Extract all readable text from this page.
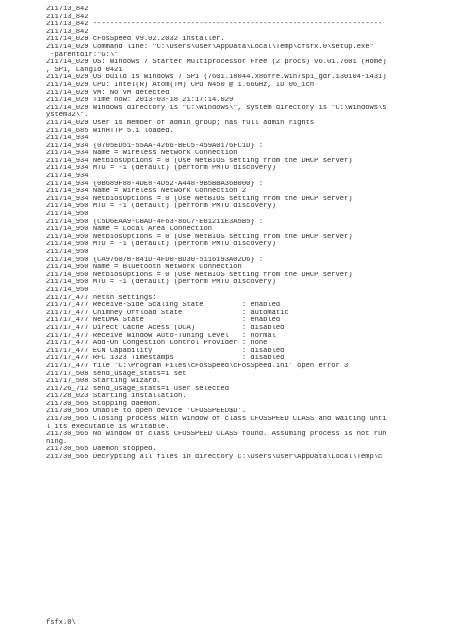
211713_842
211713_842
211713_842 --------------------------------------------------------------------
211713_842
211714_029 cFosSpeed v9.02.2032 installer.
211714_029 Command line: "C:\Users\user\AppData\Local\Temp\cfsfx.0\setup.exe"
-parentdir:"G:\"
211714_029 OS: Windows 7 Starter Multiprocessor Free (2 procs) v6.01.7601 (Home)
, SP1, LangId 0421
211714_029 OS build is Windows 7 SP1 (7601.18044.x86fre.win7sp1_gdr.130104-1431)
211714_029 CPU: Intel(R) Atom(TM) CPU N450 @ 1.66GHz, ID 06_1ch
211714_029 VM: No VM detected
211714_029 Time now: 2013-03-18 21:17:14.029
211714_029 Windows directory is "C:\Windows\", system directory is "C:\Windows\s
ystem32\".
211714_029 User is member of admin group; has full admin rights
211714_685 WinHTTP 5.1 loaded.
211714_934
211714_934 {0705ED51-55AA-4266-BEC5-459A0176FC1D} :
211714_934 Name = Wireless Network Connection
211714_934 NetbiosOptions = 0 (Use NetBIOS setting from the DHCP server)
211714_934 MTU = -1 (default) (perform PMTU discovery)
211714_934
211714_934 {0B689F88-4DE8-4D52-A448-9B5BBA36B000} :
211714_934 Name = Wireless Network Connection 2
211714_934 NetbiosOptions = 0 (Use NetBIOS setting from the DHCP server)
211714_950 MTU = -1 (default) (perform PMTU discovery)
211714_950
211714_950 {C5D6EAA9-CBAD-4F63-86C7-E81211E3A5B5} :
211714_950 Name = Local Area Connection
211714_950 NetbiosOptions = 0 (Use NetBIOS setting from the DHCP server)
211714_950 MTU = -1 (default) (perform PMTU discovery)
211714_950
211714_950 {CA97607B-841D-4FD0-BD30-5116193A02D6} :
211714_950 Name = Bluetooth Network Connection
211714_950 NetbiosOptions = 0 (Use NetBIOS setting from the DHCP server)
211714_950 MTU = -1 (default) (perform PMTU discovery)
211714_950
211717_477 netsh settings:
211717_477 Receive-Side Scaling State         : enabled
211717_477 Chimney Offload State              : automatic
211717_477 NetDMA State                       : enabled
211717_477 Direct Cache Acess (DCA)           : disabled
211717_477 Receive Window Auto-Tuning Level   : normal
211717_477 Add-On Congestion Control Provider : none
211717_477 ECN Capability                     : disabled
211717_477 RFC 1323 Timestamps                : disabled
211717_477 file 'C:\Program Files\cFosSpeed\cFosSpeed.ini' open error 3
211717_508 send_usage_stats=1 set
211717_508 Starting wizard.
211726_712 send_usage_stats=1 user selected
211728_023 Starting installation.
211730_565 Stopping daemon.
211730_565 Unable to open device 'CFOSSPEED$D'.
211730_565 Closing process with window of class CFOSSPEED CLASS and waiting unti
l its executable is writable.
211730_565 No window of class CFOSSPEED CLASS found. Assuming process is not run
ning.
211730_565 Daemon stopped.
211730_565 Decrypting all files in directory C:\Users\user\AppData\Local\Temp\c
fsfx.0\
